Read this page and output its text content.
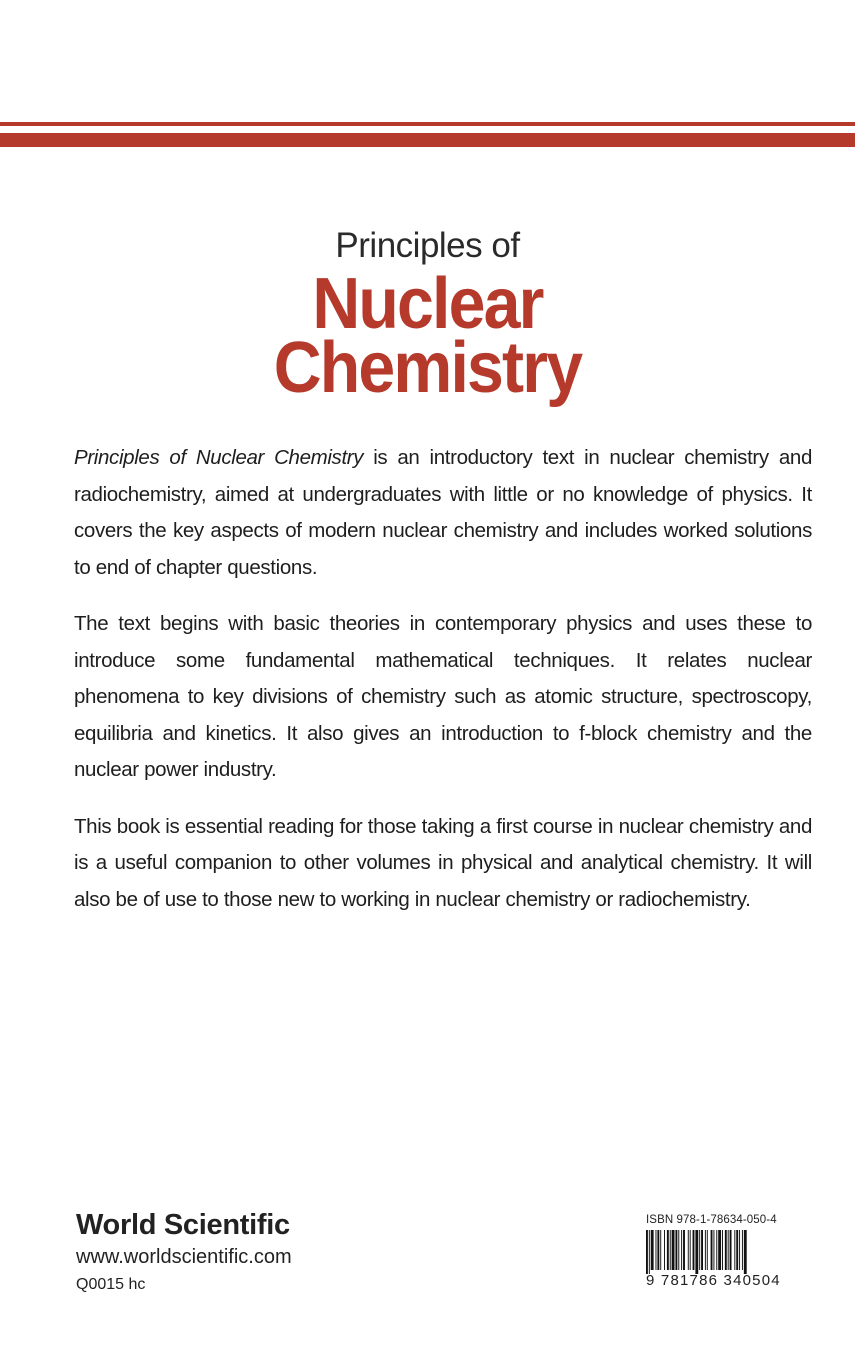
Principles of
Nuclear
Chemistry

Principles of Nuclear Chemistry is an introductory text in nuclear chemistry and radiochemistry, aimed at undergraduates with little or no knowledge of physics. It covers the key aspects of modern nuclear chemistry and includes worked solutions to end of chapter questions.

The text begins with basic theories in contemporary physics and uses these to introduce some fundamental mathematical techniques. It relates nuclear phenomena to key divisions of chemistry such as atomic structure, spectroscopy, equilibria and kinetics. It also gives an introduction to f-block chemistry and the nuclear power industry.

This book is essential reading for those taking a first course in nuclear chemistry and is a useful companion to other volumes in physical and analytical chemistry. It will also be of use to those new to working in nuclear chemistry or radiochemistry.

World Scientific
www.worldscientific.com
Q0015 hc
ISBN 978-1-78634-050-4
9 781786 340504
